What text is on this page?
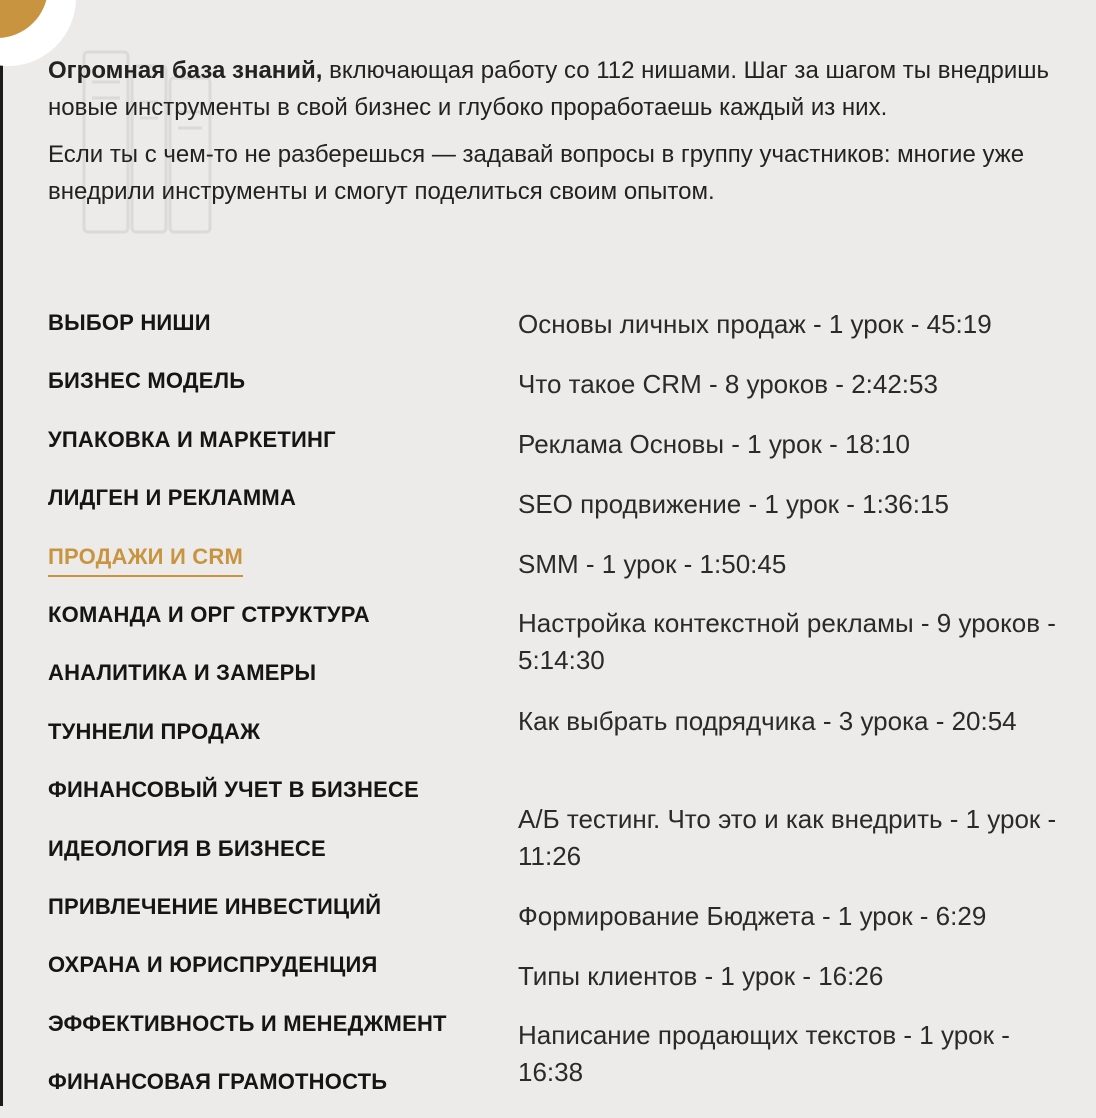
Огромная база знаний, включающая работу со 112 нишами. Шаг за шагом ты внедришь новые инструменты в свой бизнес и глубоко проработаешь каждый из них.

Если ты с чем-то не разберешься — задавай вопросы в группу участников: многие уже внедрили инструменты и смогут поделиться своим опытом.

ВЫБОР НИШИ
БИЗНЕС МОДЕЛЬ
УПАКОВКА И МАРКЕТИНГ
ЛИДГЕН И РЕКЛАММА
ПРОДАЖИ И CRM
КОМАНДА И ОРГ СТРУКТУРА
АНАЛИТИКА И ЗАМЕРЫ
ТУННЕЛИ ПРОДАЖ
ФИНАНСОВЫЙ УЧЕТ В БИЗНЕСЕ
ИДЕОЛОГИЯ В БИЗНЕСЕ
ПРИВЛЕЧЕНИЕ ИНВЕСТИЦИЙ
ОХРАНА И ЮРИСПРУДЕНЦИЯ
ЭФФЕКТИВНОСТЬ И МЕНЕДЖМЕНТ
ФИНАНСОВАЯ ГРАМОТНОСТЬ
Основы личных продаж - 1 урок - 45:19
Что такое CRM - 8 уроков - 2:42:53
Реклама Основы - 1 урок - 18:10
SEO продвижение - 1 урок - 1:36:15
SMM - 1 урок - 1:50:45
Настройка контекстной рекламы - 9 уроков - 5:14:30
Как выбрать подрядчика - 3 урока - 20:54
А/Б тестинг. Что это и как внедрить - 1 урок - 11:26
Формирование Бюджета - 1 урок - 6:29
Типы клиентов - 1 урок - 16:26
Написание продающих текстов - 1 урок - 16:38
